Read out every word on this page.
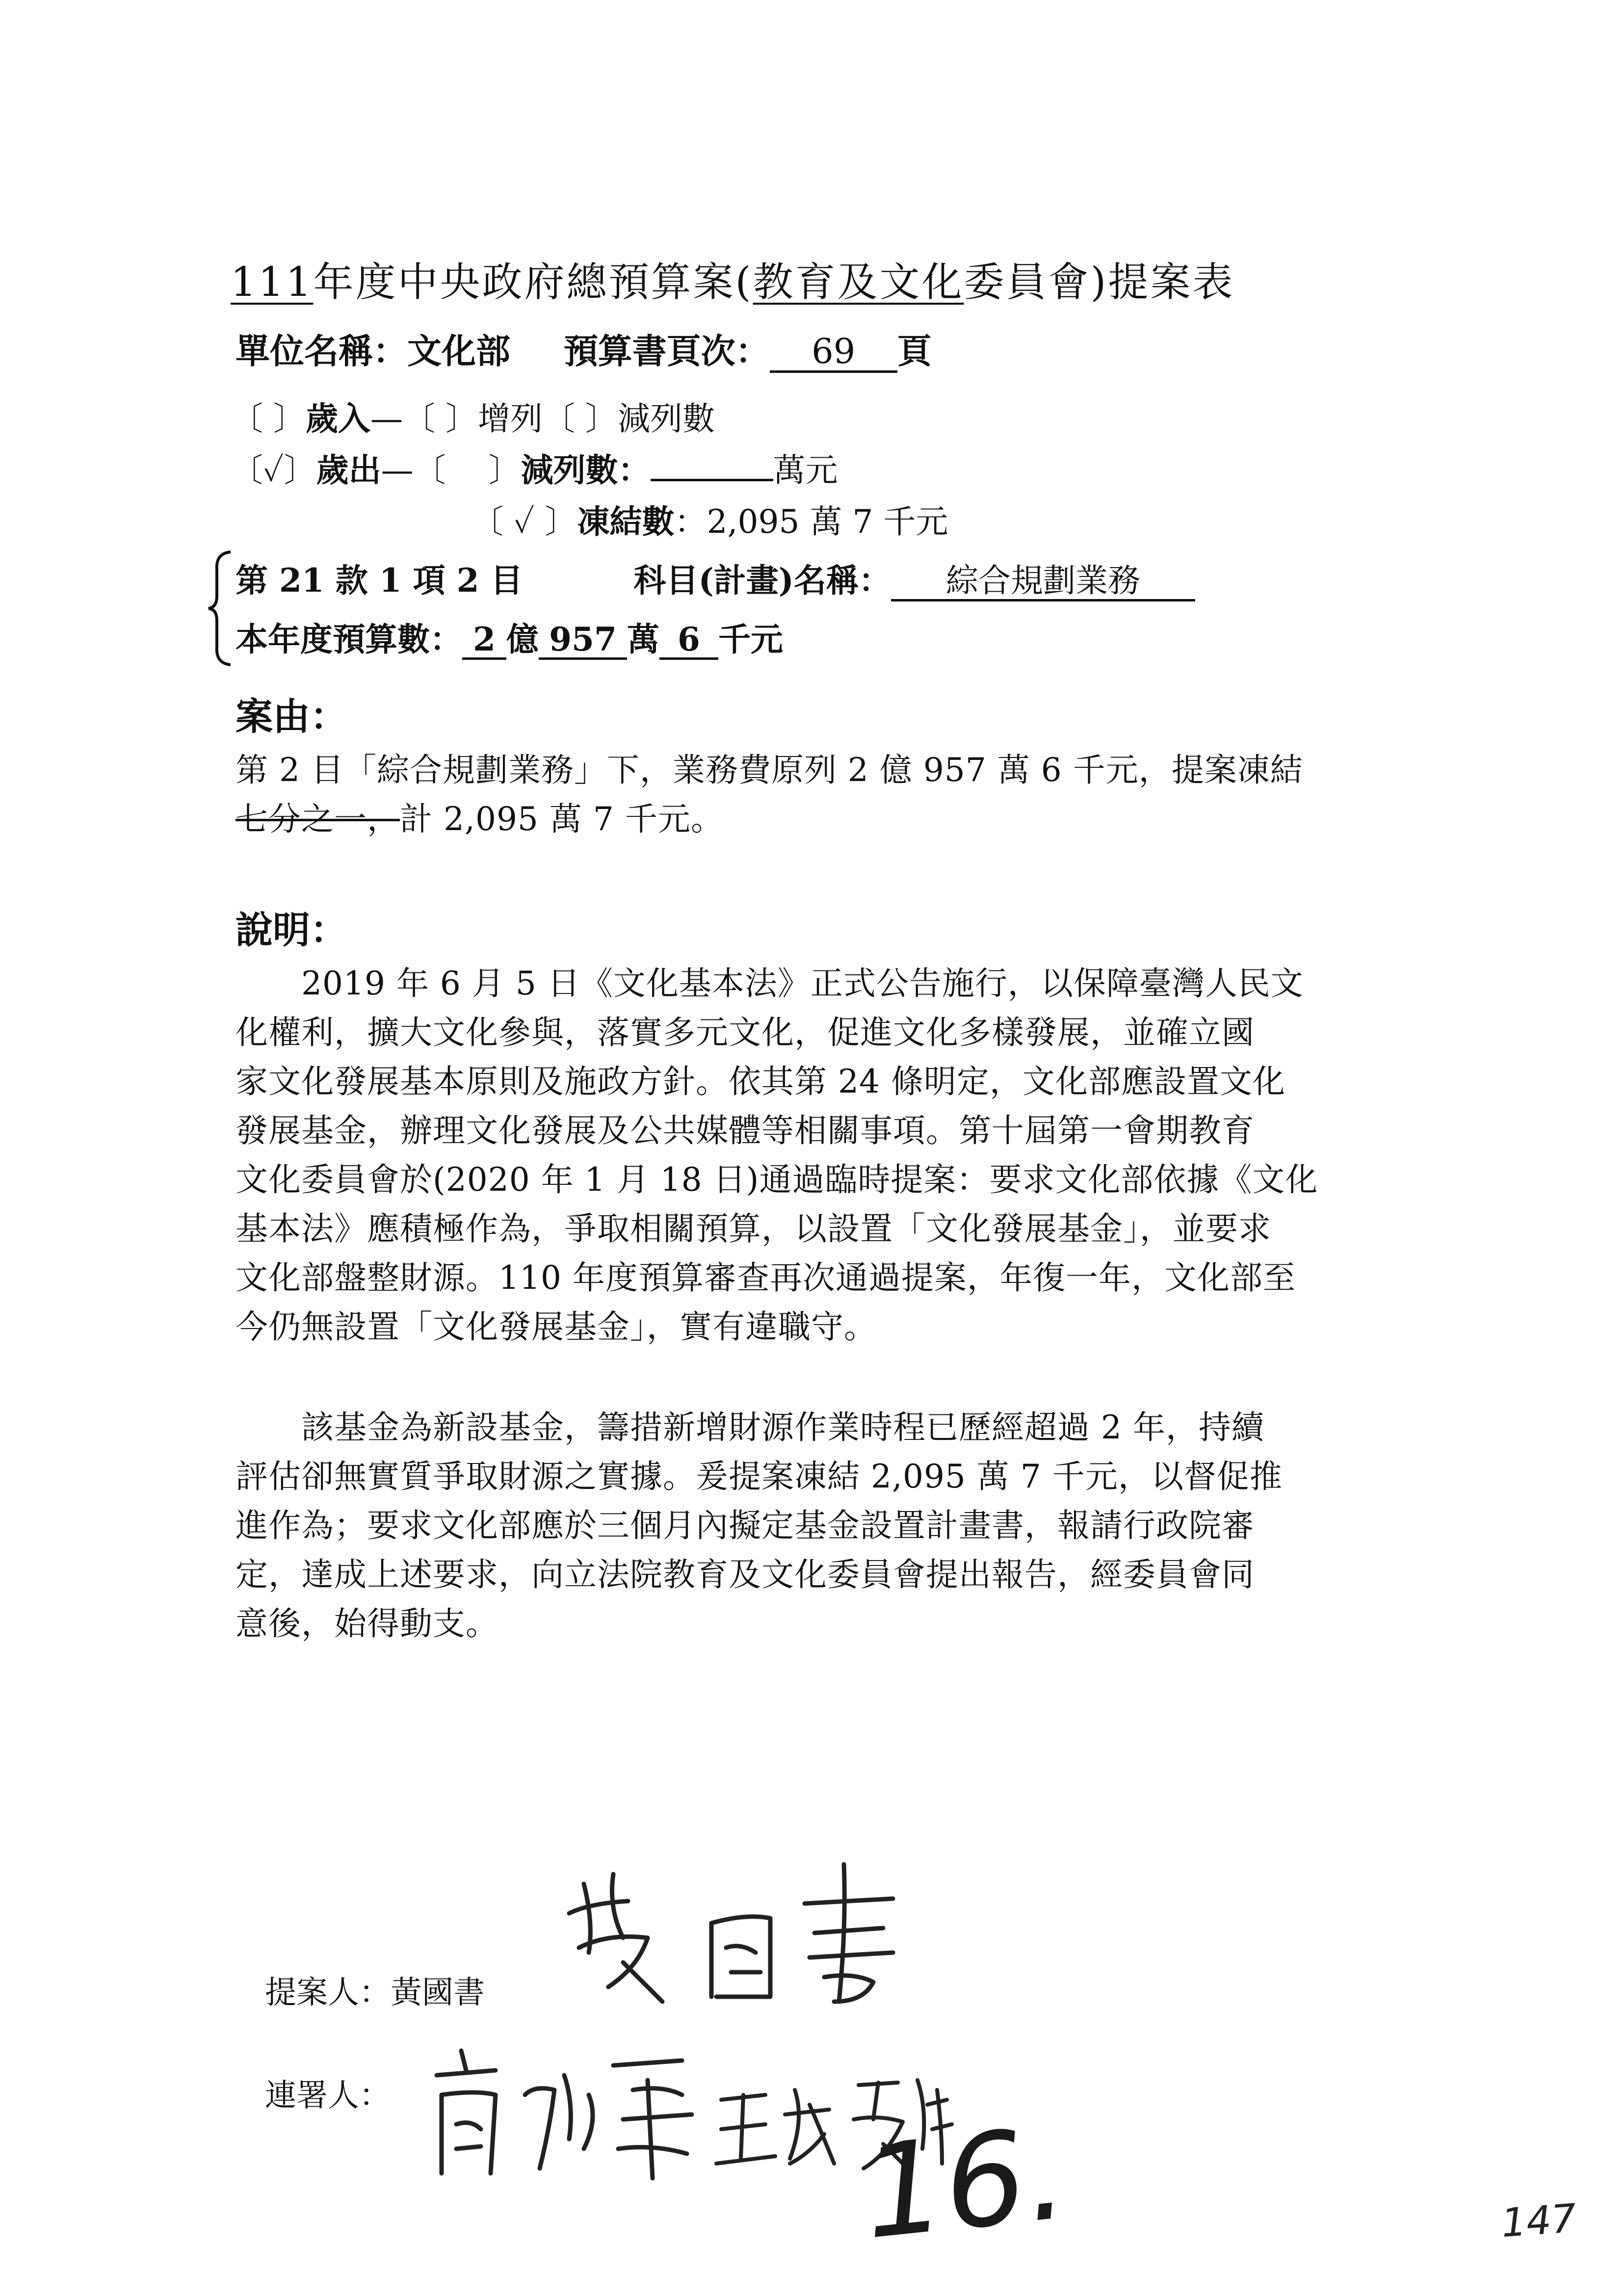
111年度中央政府總預算案(教育及文化委員會)提案表
單位名稱：文化部 預算書頁次： 69 頁
〔 〕歲入—〔 〕增列〔 〕減列數
〔✓〕歲出—〔　 〕減列數：	萬元
〔 ✓ 〕凍結數：2,095 萬 7 千元
第 21 款 1 項 2 目	科目(計畫)名稱： 綜合規劃業務
本年度預算數： 2 億 957 萬 6 千元
案由：
第 2 目「綜合規劃業務」下，業務費原列 2 億 957 萬 6 千元，提案凍結
七分之一，計 2,095 萬 7 千元。
說明：
　　2019 年 6 月 5 日《文化基本法》正式公告施行，以保障臺灣人民文
化權利，擴大文化參與，落實多元文化，促進文化多樣發展，並確立國
家文化發展基本原則及施政方針。依其第 24 條明定，文化部應設置文化
發展基金，辦理文化發展及公共媒體等相關事項。第十屆第一會期教育
文化委員會於(2020 年 1 月 18 日)通過臨時提案：要求文化部依據《文化
基本法》應積極作為，爭取相關預算，以設置「文化發展基金」，並要求
文化部盤整財源。110 年度預算審查再次通過提案，年復一年，文化部至
今仍無設置「文化發展基金」，實有違職守。
　　該基金為新設基金，籌措新增財源作業時程已歷經超過 2 年，持續
評估卻無實質爭取財源之實據。爰提案凍結 2,095 萬 7 千元，以督促推
進作為；要求文化部應於三個月內擬定基金設置計畫書，報請行政院審
定，達成上述要求，向立法院教育及文化委員會提出報告，經委員會同
意後，始得動支。
提案人：黃國書
連署人：
16.	147
